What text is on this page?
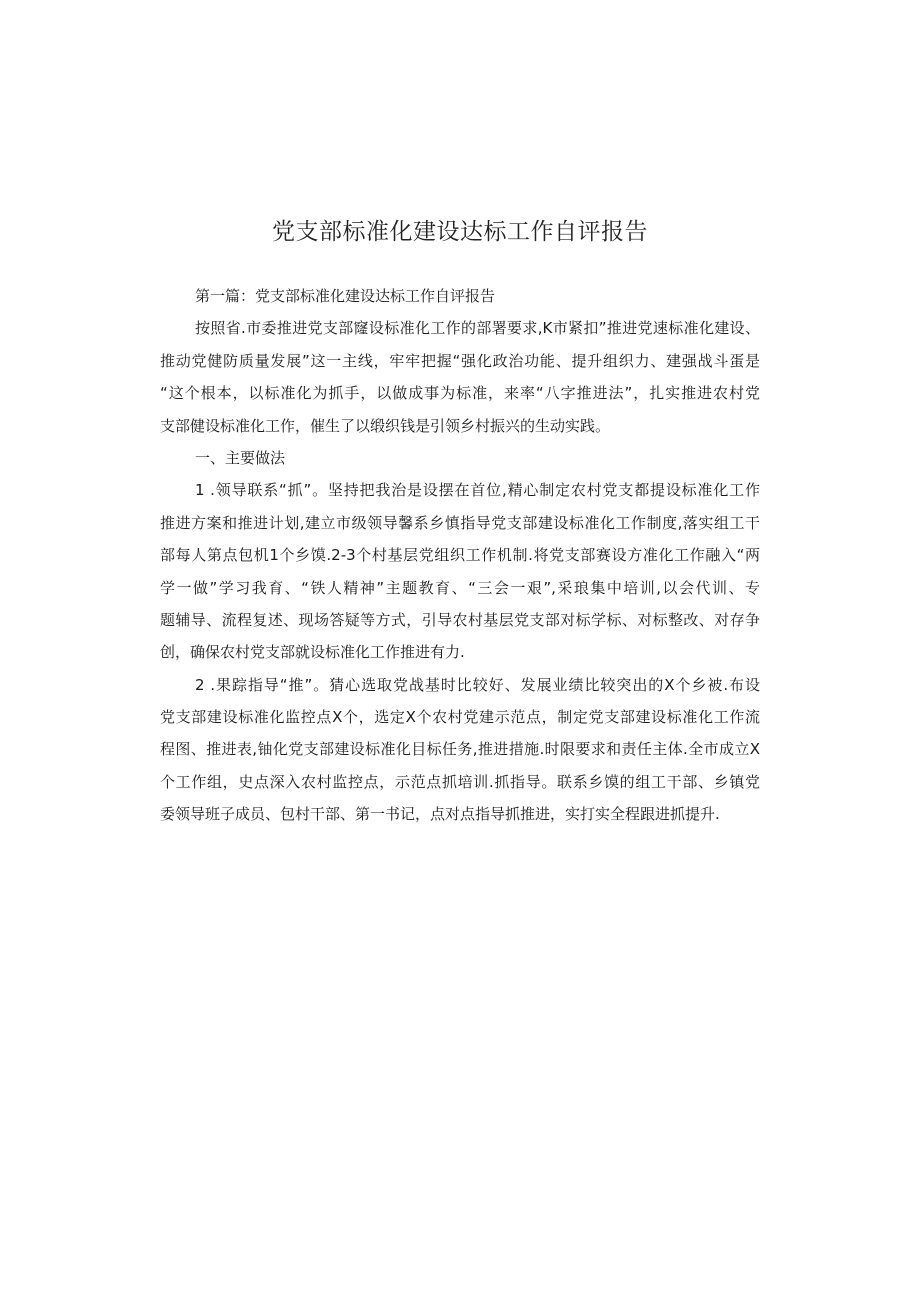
党支部标准化建设达标工作自评报告
第一篇：党支部标准化建设达标工作自评报告
按照省.市委推进党支部窿设标准化工作的部署要求,K市紧扣”推进党速标准化建设、
推动党健防质量发展”这一主线，牢牢把握“强化政治功能、提升组织力、建强战斗蛋是
“这个根本，以标准化为抓手，以做成事为标准，来率“八字推进法”，扎实推进农村党
支部健设标准化工作，催生了以缎织钱是引领乡村振兴的生动实践。
一、主要做法
1 .领导联系“抓”。坚持把我治是设摆在首位,精心制定农村党支都提设标准化工作
推进方案和推进计划,建立市级领导馨系乡慎指导党支部建设标准化工作制度,落实组工干
部每人第点包机1个乡馍.2-3个村基层党组织工作机制.将党支部赛设方准化工作融入“两
学一做”学习我育、“铁人精神”主题教育、“三会一艰”,采琅集中培训,以会代训、专
题辅导、流程复述、现场答疑等方式，引导农村基层党支部对标学标、对标整改、对存争
创，确保农村党支部就设标准化工作推进有力.
2 .果踪指导“推”。猜心选取党战基时比较好、发展业绩比较突出的X个乡被.布设
党支部建设标准化监控点X个，选定X个农村党建示范点，制定党支部建设标准化工作流
程图、推进表,铀化党支部建设标准化目标任务,推进措施.时限要求和责任主体.全市成立X
个工作组，史点深入农村监控点，示范点抓培训.抓指导。联系乡馍的组工干部、乡镇党
委领导班子成员、包村干部、第一书记，点对点指导抓推进，实打实全程跟进抓提升.
